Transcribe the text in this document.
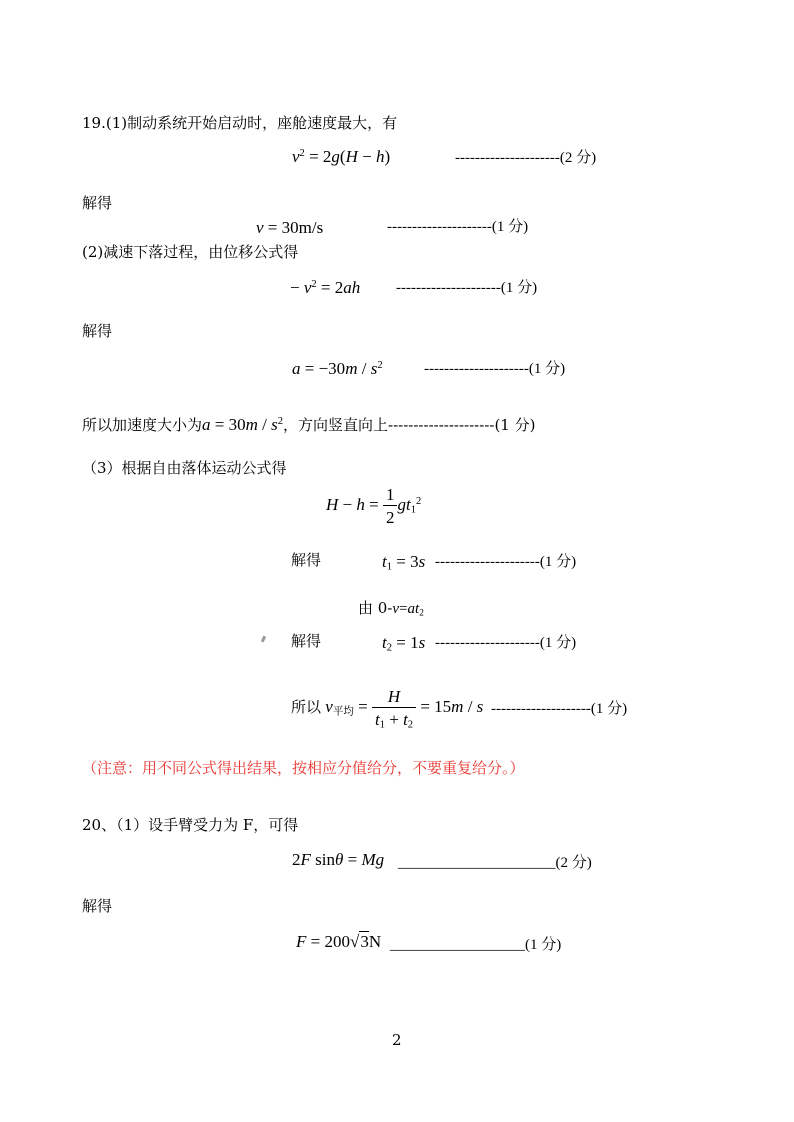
19.(1)制动系统开始启动时，座舱速度最大，有
$v^2 = 2g(H - h)$	---------------------(2 分)
解得
v = 30m/s	---------------------(1 分)
(2)减速下落过程，由位移公式得
− $v^2 = 2ah$ ---------------------(1 分)
解得
$a = -30m / s^2$	---------------------(1 分)
所以加速度大小为$a = 30m / s^2$，方向竖直向上---------------------(1 分)
（3）根据自由落体运动公式得
$H - h = \frac{1}{2} gt_1^2$
解得	$t_1 = 3s$ ---------------------(1 分)
由 $0-v=at_2$
解得	$t_2 = 1s$ ---------------------(1 分)
所以 $v_{平均} = \frac{H}{t_1 + t_2} = 15m / s$ --------------------(1 分)
（注意：用不同公式得出结果，按相应分值给分，不要重复给分。）
20、（1）设手臂受力为 F，可得
2F sinθ = Mg _____________________(2 分)
解得
F = 200√3N __________________(1 分)
2
